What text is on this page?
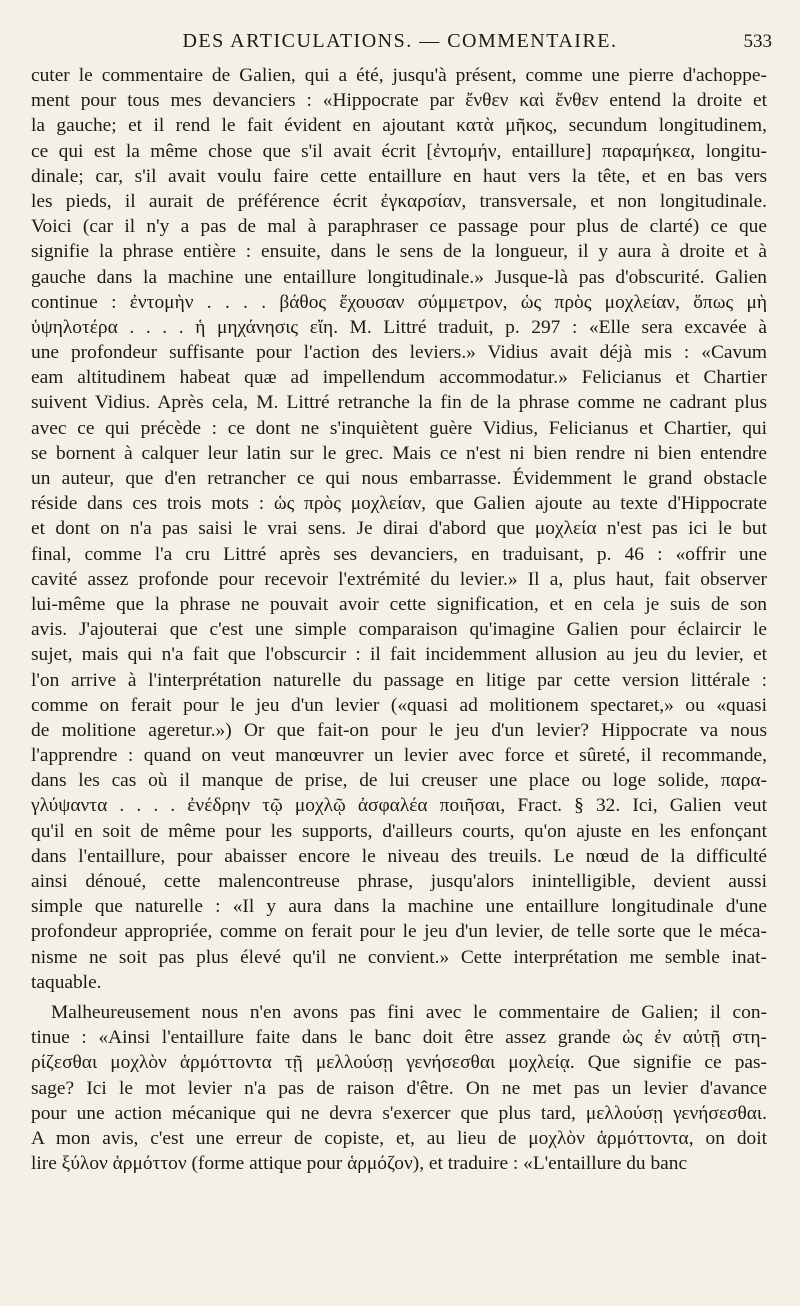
DES ARTICULATIONS. — COMMENTAIRE.	533
cuter le commentaire de Galien, qui a été, jusqu'à présent, comme une pierre d'achoppe-
ment pour tous mes devanciers : «Hippocrate par ἔνθεν καὶ ἔνθεν entend la droite et
la gauche; et il rend le fait évident en ajoutant κατὰ μῆκος, secundum longitudinem,
ce qui est la même chose que s'il avait écrit [ἐντομήν, entaillure] παραμήκεα, longitu-
dinale; car, s'il avait voulu faire cette entaillure en haut vers la tête, et en bas vers
les pieds, il aurait de préférence écrit ἐγκαρσίαν, transversale, et non longitudinale.
Voici (car il n'y a pas de mal à paraphraser ce passage pour plus de clarté) ce que
signifie la phrase entière : ensuite, dans le sens de la longueur, il y aura à droite et à
gauche dans la machine une entaillure longitudinale.» Jusque-là pas d'obscurité. Galien
continue : ἐντομὴν . . . . βάθος ἔχουσαν σύμμετρον, ὡς πρὸς μοχλείαν, ὅπως μὴ
ὑψηλοτέρα . . . . ἡ μηχάνησις εἴη. M. Littré traduit, p. 297 : «Elle sera excavée à
une profondeur suffisante pour l'action des leviers.» Vidius avait déjà mis : «Cavum
eam altitudinem habeat quæ ad impellendum accommodatur.» Felicianus et Chartier
suivent Vidius. Après cela, M. Littré retranche la fin de la phrase comme ne cadrant plus
avec ce qui précède : ce dont ne s'inquiètent guère Vidius, Felicianus et Chartier, qui
se bornent à calquer leur latin sur le grec. Mais ce n'est ni bien rendre ni bien entendre
un auteur, que d'en retrancher ce qui nous embarrasse. Évidemment le grand obstacle
réside dans ces trois mots : ὡς πρὸς μοχλείαν, que Galien ajoute au texte d'Hippocrate
et dont on n'a pas saisi le vrai sens. Je dirai d'abord que μοχλεία n'est pas ici le but
final, comme l'a cru Littré après ses devanciers, en traduisant, p. 46 : «offrir une
cavité assez profonde pour recevoir l'extrémité du levier.» Il a, plus haut, fait observer
lui-même que la phrase ne pouvait avoir cette signification, et en cela je suis de son
avis. J'ajouterai que c'est une simple comparaison qu'imagine Galien pour éclaircir le
sujet, mais qui n'a fait que l'obscurcir : il fait incidemment allusion au jeu du levier, et
l'on arrive à l'interprétation naturelle du passage en litige par cette version littérale :
comme on ferait pour le jeu d'un levier («quasi ad molitionem spectaret,» ou «quasi
de molitione ageretur.») Or que fait-on pour le jeu d'un levier? Hippocrate va nous
l'apprendre : quand on veut manœuvrer un levier avec force et sûreté, il recommande,
dans les cas où il manque de prise, de lui creuser une place ou loge solide, παρα-
γλύψαντα . . . . ἐνέδρην τῷ μοχλῷ ἀσφαλέα ποιῆσαι, Fract. § 32. Ici, Galien veut
qu'il en soit de même pour les supports, d'ailleurs courts, qu'on ajuste en les enfonçant
dans l'entaillure, pour abaisser encore le niveau des treuils. Le nœud de la difficulté
ainsi dénoué, cette malencontreuse phrase, jusqu'alors inintelligible, devient aussi
simple que naturelle : «Il y aura dans la machine une entaillure longitudinale d'une
profondeur appropriée, comme on ferait pour le jeu d'un levier, de telle sorte que le méca-
nisme ne soit pas plus élevé qu'il ne convient.» Cette interprétation me semble inat-
taquable.
Malheureusement nous n'en avons pas fini avec le commentaire de Galien; il con-
tinue : «Ainsi l'entaillure faite dans le banc doit être assez grande ὡς ἐν αὐτῇ στη-
ρίζεσθαι μοχλὸν ἁρμόττοντα τῇ μελλούσῃ γενήσεσθαι μοχλείᾳ. Que signifie ce pas-
sage? Ici le mot levier n'a pas de raison d'être. On ne met pas un levier d'avance
pour une action mécanique qui ne devra s'exercer que plus tard, μελλούσῃ γενήσεσθαι.
A mon avis, c'est une erreur de copiste, et, au lieu de μοχλὸν ἁρμόττοντα, on doit
lire ξύλον ἁρμόττον (forme attique pour ἁρμόζον), et traduire : «L'entaillure du banc
